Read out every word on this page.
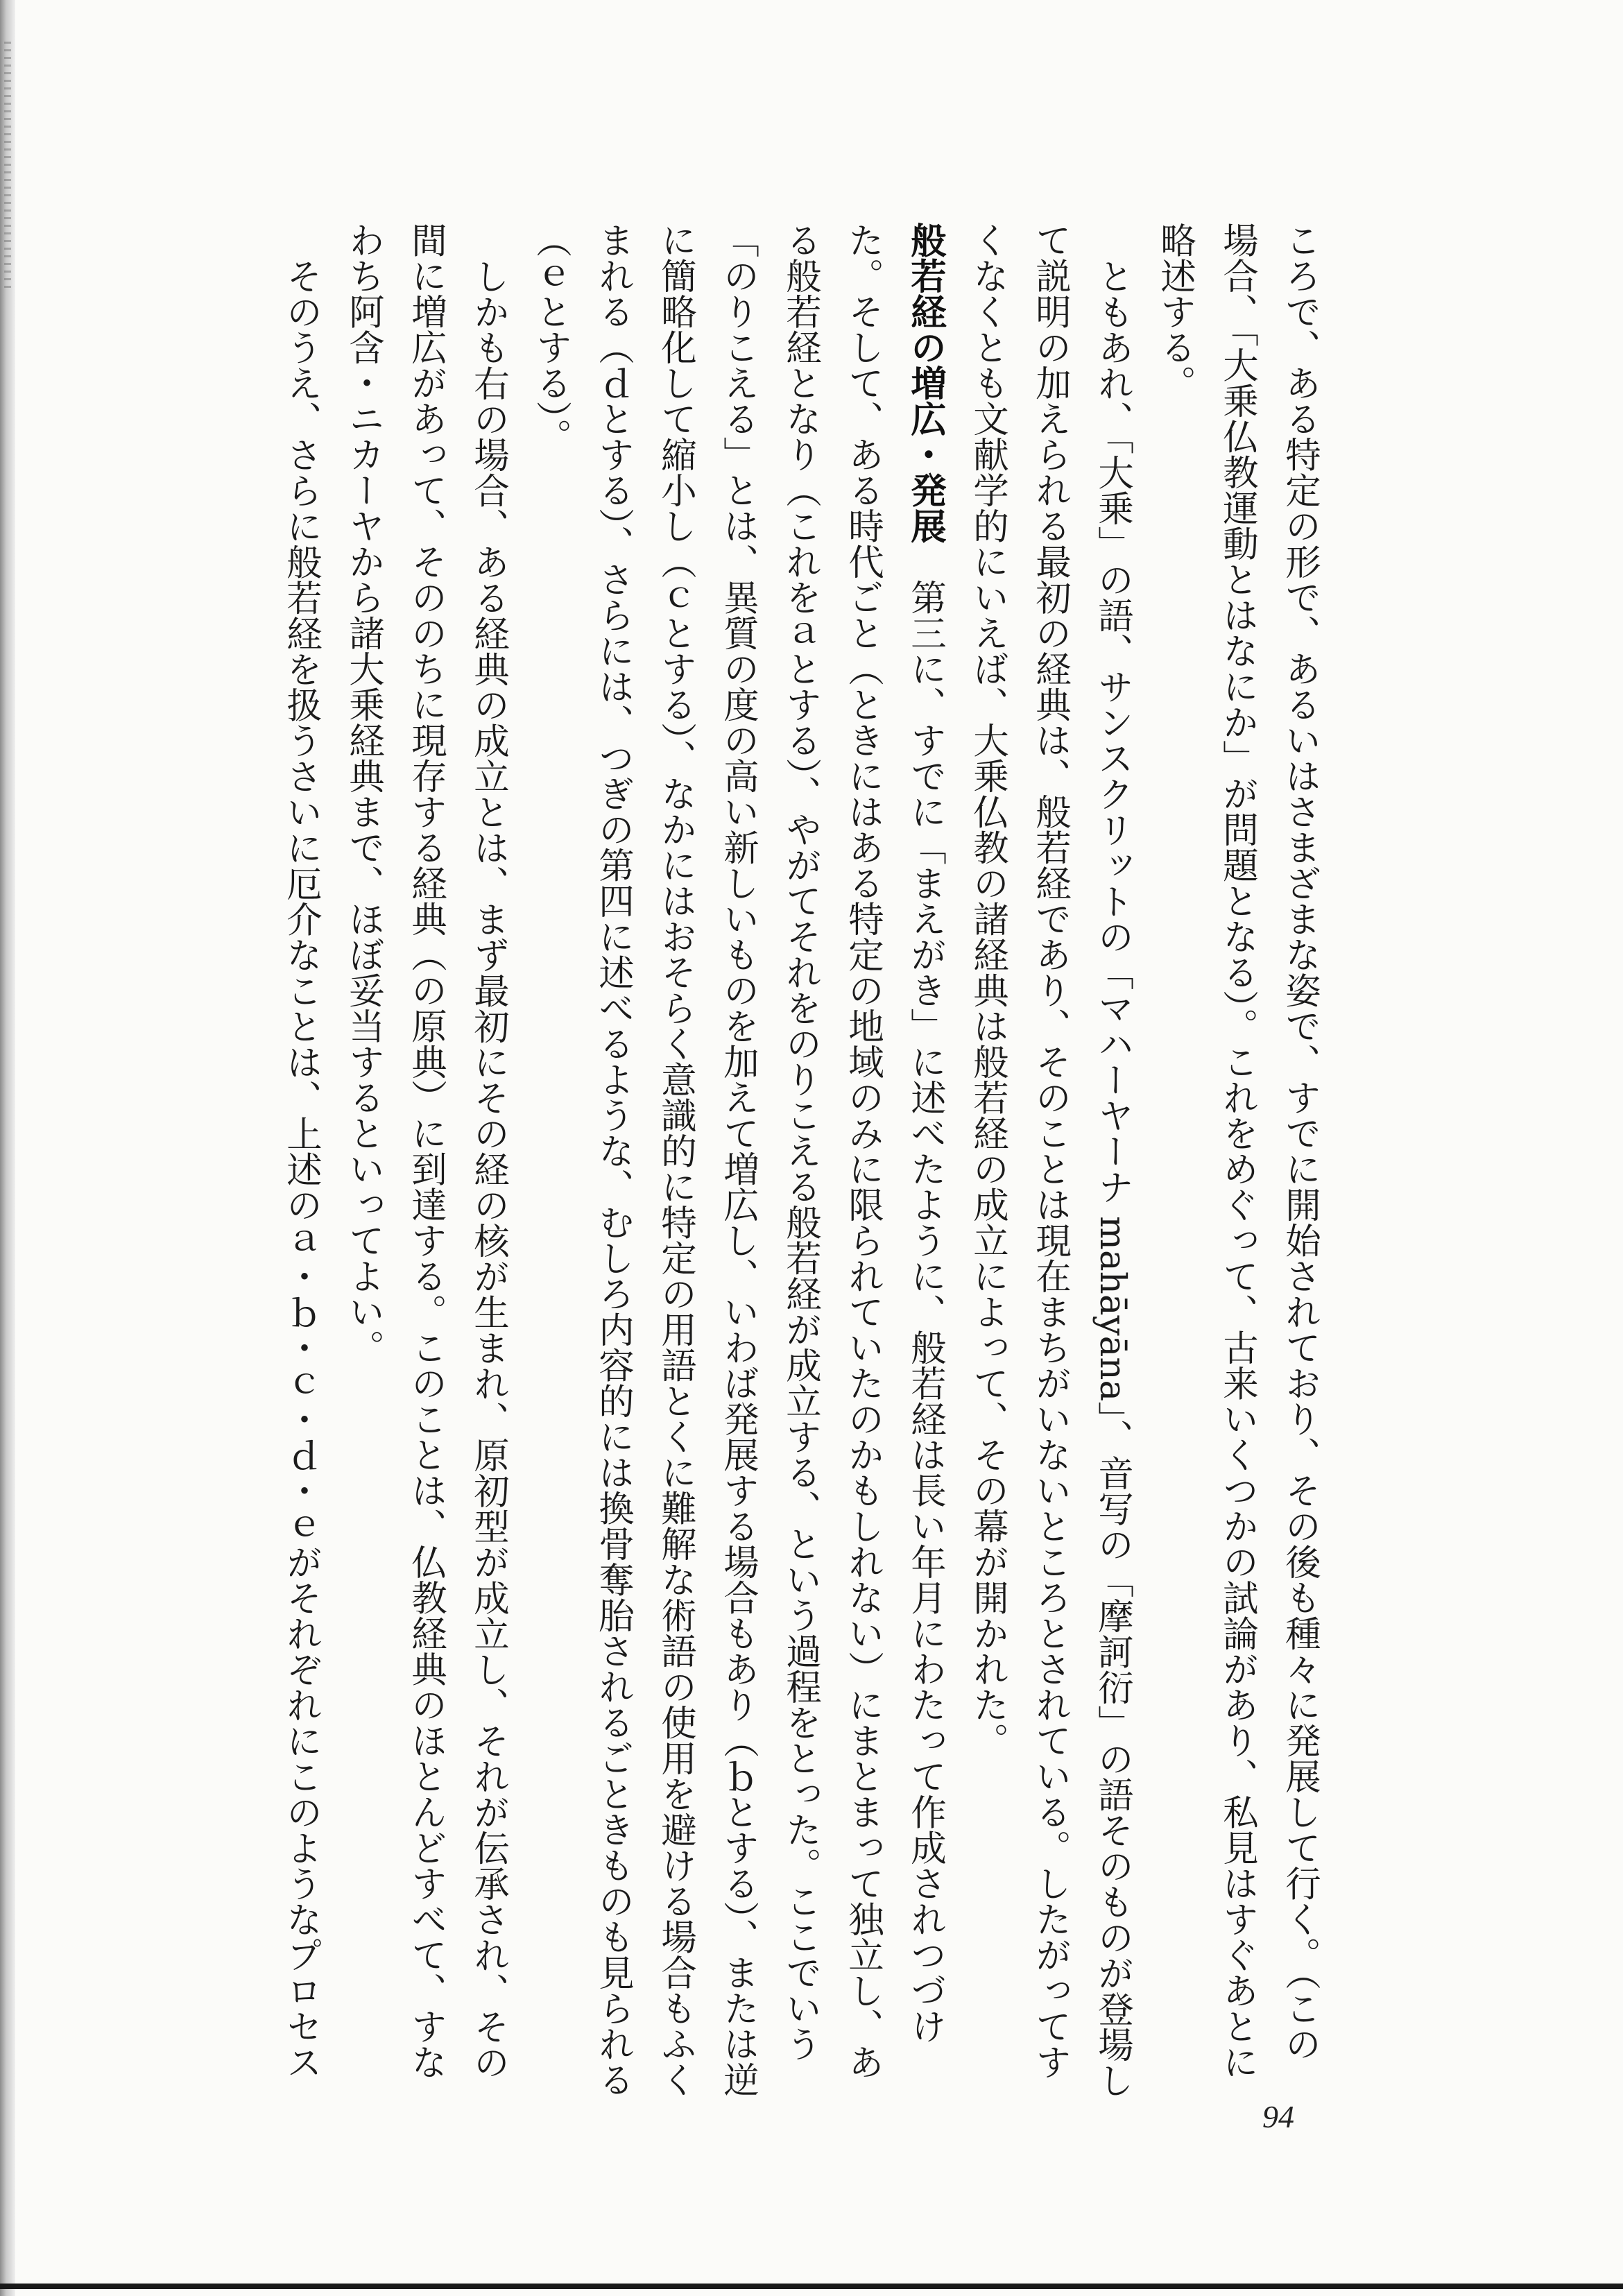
ころで、ある特定の形で、あるいはさまざまな姿で、すでに開始されており、その後も種々に発展して行く。（この
場合、「大乗仏教運動とはなにか」が問題となる）。これをめぐって、古来いくつかの試論があり、私見はすぐあとに
略述する。
ともあれ、「大乗」の語、サンスクリットの「マハーヤーナ mahāyāna」、音写の「摩訶衍」の語そのものが登場し
て説明の加えられる最初の経典は、般若経であり、そのことは現在まちがいないところとされている。したがってす
くなくとも文献学的にいえば、大乗仏教の諸経典は般若経の成立によって、その幕が開かれた。
般若経の増広・発展　第三に、すでに「まえがき」に述べたように、般若経は長い年月にわたって作成されつづけ
た。そして、ある時代ごと（ときにはある特定の地域のみに限られていたのかもしれない）にまとまって独立し、あ
る般若経となり（これをａとする）、やがてそれをのりこえる般若経が成立する、という過程をとった。ここでいう
「のりこえる」とは、異質の度の高い新しいものを加えて増広し、いわば発展する場合もあり（ｂとする）、または逆
に簡略化して縮小し（ｃとする）、なかにはおそらく意識的に特定の用語とくに難解な術語の使用を避ける場合もふく
まれる（ｄとする）、さらには、つぎの第四に述べるような、むしろ内容的には換骨奪胎されるごときものも見られる
（ｅとする）。
しかも右の場合、ある経典の成立とは、まず最初にその経の核が生まれ、原初型が成立し、それが伝承され、その
間に増広があって、そののちに現存する経典（の原典）に到達する。このことは、仏教経典のほとんどすべて、すな
わち阿含・ニカーヤから諸大乗経典まで、ほぼ妥当するといってよい。
そのうえ、さらに般若経を扱うさいに厄介なことは、上述のａ・ｂ・ｃ・ｄ・ｅがそれぞれにこのようなプロセス
94
